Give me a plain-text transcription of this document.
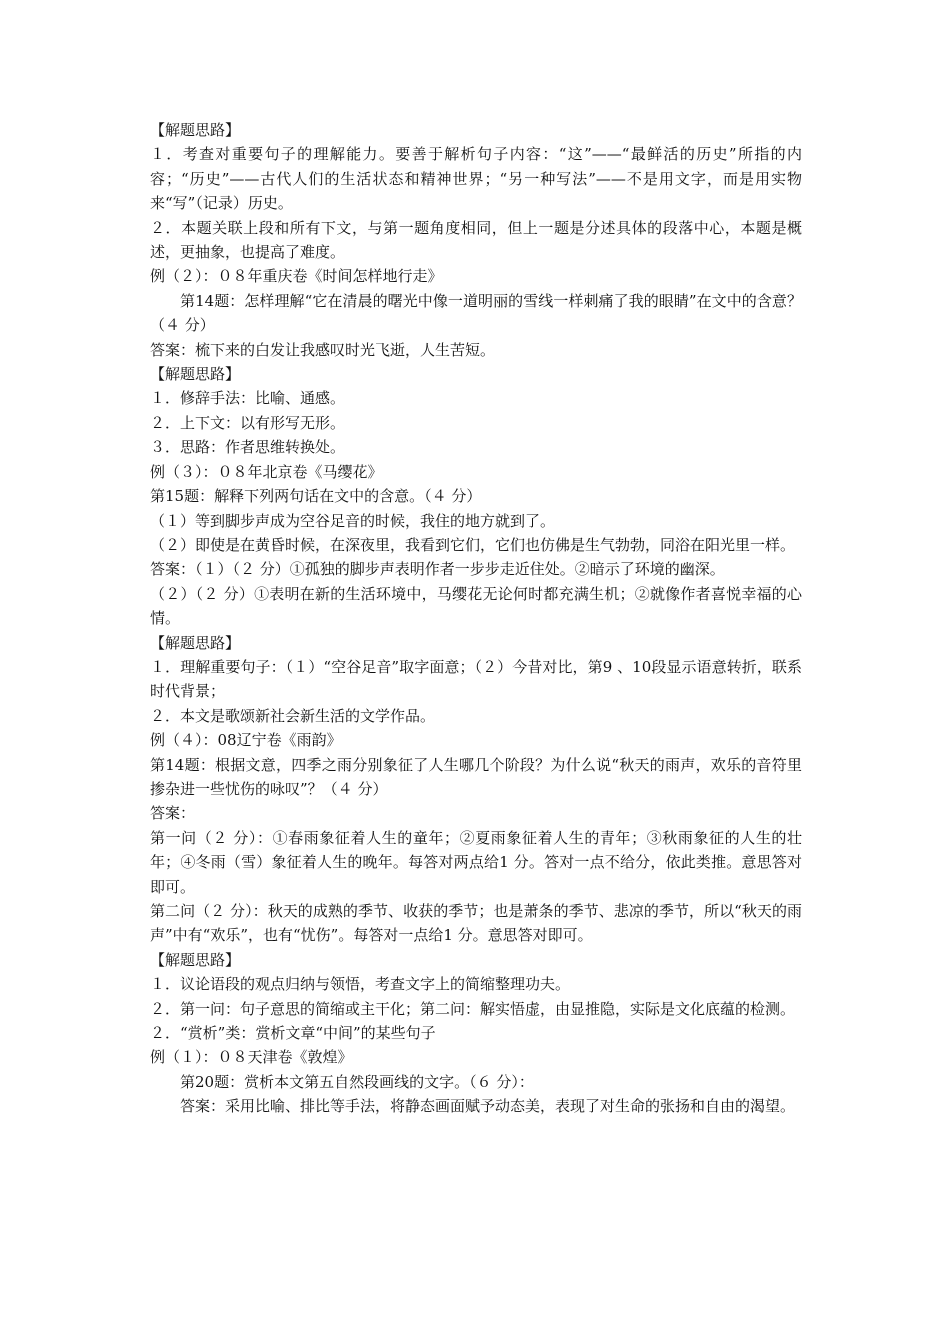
【解题思路】

１．考查对重要句子的理解能力。要善于解析句子内容：“这”——“最鲜活的历史”所指的内容；“历史”——古代人们的生活状态和精神世界；“另一种写法”——不是用文字，而是用实物来“写”（记录）历史。

２．本题关联上段和所有下文，与第一题角度相同，但上一题是分述具体的段落中心，本题是概述，更抽象，也提高了难度。

例（２）：０８年重庆卷《时间怎样地行走》

第14题：怎样理解“它在清晨的曙光中像一道明丽的雪线一样刺痛了我的眼睛”在文中的含意？（４ 分）

答案：梳下来的白发让我感叹时光飞逝，人生苦短。

【解题思路】

１．修辞手法：比喻、通感。

２．上下文：以有形写无形。

３．思路：作者思维转换处。

例（３）：０８年北京卷《马缨花》

第15题：解释下列两句话在文中的含意。（４ 分）

（１）等到脚步声成为空谷足音的时候，我住的地方就到了。

（２）即使是在黄昏时候，在深夜里，我看到它们，它们也仿佛是生气勃勃，同浴在阳光里一样。

答案：（１）（２ 分）①孤独的脚步声表明作者一步步走近住处。②暗示了环境的幽深。

（２）（２ 分）①表明在新的生活环境中，马缨花无论何时都充满生机；②就像作者喜悦幸福的心情。

【解题思路】

１．理解重要句子：（１）“空谷足音”取字面意；（２）今昔对比，第9 、10段显示语意转折，联系时代背景；

２．本文是歌颂新社会新生活的文学作品。

例（４）：08辽宁卷《雨韵》

第14题：根据文意，四季之雨分别象征了人生哪几个阶段？为什么说“秋天的雨声，欢乐的音符里掺杂进一些忧伤的咏叹”？（４ 分）

答案：

第一问（２ 分）：①春雨象征着人生的童年；②夏雨象征着人生的青年；③秋雨象征的人生的壮年；④冬雨（雪）象征着人生的晚年。每答对两点给1 分。答对一点不给分，依此类推。意思答对即可。

第二问（２ 分）：秋天的成熟的季节、收获的季节；也是萧条的季节、悲凉的季节，所以“秋天的雨声”中有“欢乐”，也有“忧伤”。每答对一点给1 分。意思答对即可。

【解题思路】

１．议论语段的观点归纳与领悟，考查文字上的简缩整理功夫。

２．第一问：句子意思的简缩或主干化；第二问：解实悟虚，由显推隐，实际是文化底蕴的检测。

２．“赏析”类：赏析文章“中间”的某些句子

例（１）：０８天津卷《敦煌》

第20题：赏析本文第五自然段画线的文字。（６ 分）：

答案：采用比喻、排比等手法，将静态画面赋予动态美，表现了对生命的张扬和自由的渴望。
